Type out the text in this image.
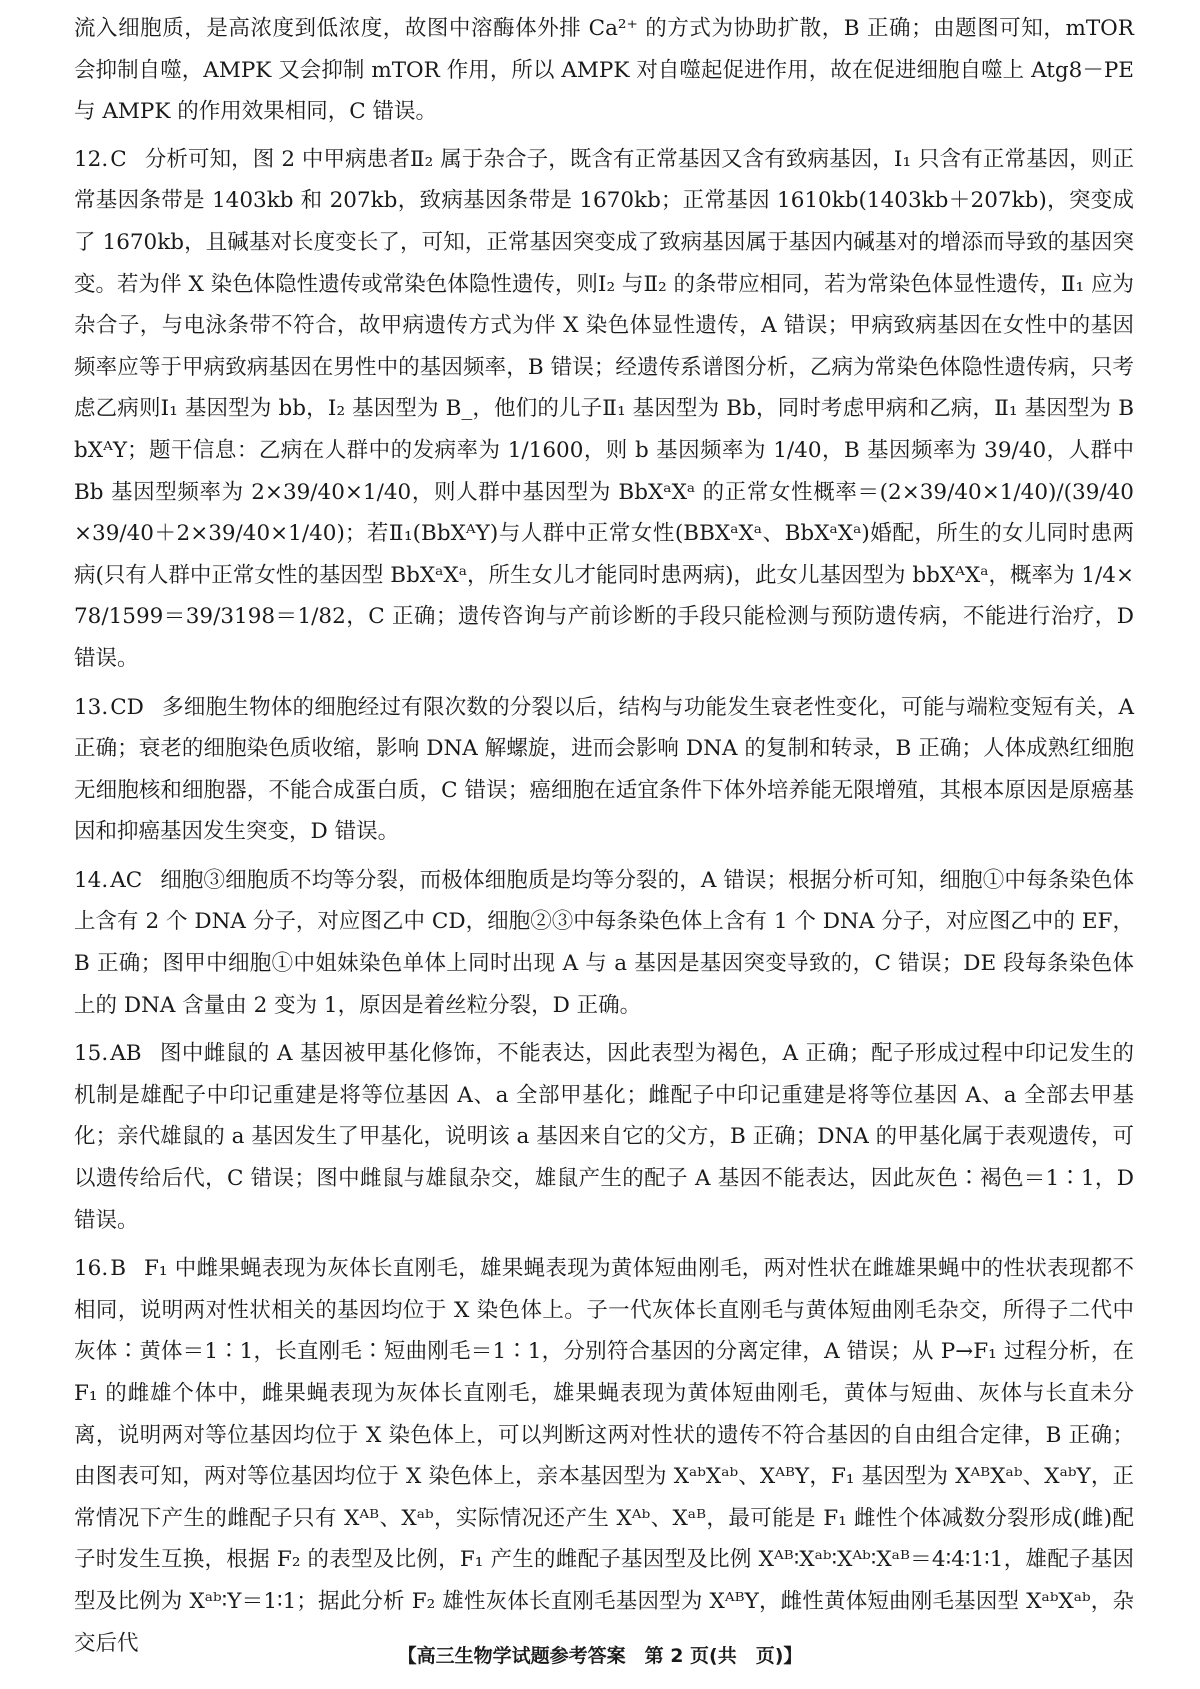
流入细胞质，是高浓度到低浓度，故图中溶酶体外排 Ca²⁺ 的方式为协助扩散，B 正确；由题图可知，mTOR 会抑制自噬，AMPK 又会抑制 mTOR 作用，所以 AMPK 对自噬起促进作用，故在促进细胞自噬上 Atg8－PE 与 AMPK 的作用效果相同，C 错误。

12.C 分析可知，图 2 中甲病患者Ⅱ₂ 属于杂合子，既含有正常基因又含有致病基因，Ⅰ₁ 只含有正常基因，则正常基因条带是 1403kb 和 207kb，致病基因条带是 1670kb；正常基因 1610kb(1403kb＋207kb)，突变成了 1670kb，且碱基对长度变长了，可知，正常基因突变成了致病基因属于基因内碱基对的增添而导致的基因突变。若为伴 X 染色体隐性遗传或常染色体隐性遗传，则Ⅰ₂ 与Ⅱ₂ 的条带应相同，若为常染色体显性遗传，Ⅱ₁ 应为杂合子，与电泳条带不符合，故甲病遗传方式为伴 X 染色体显性遗传，A 错误；甲病致病基因在女性中的基因频率应等于甲病致病基因在男性中的基因频率，B 错误；经遗传系谱图分析，乙病为常染色体隐性遗传病，只考虑乙病则Ⅰ₁ 基因型为 bb，Ⅰ₂ 基因型为 B_，他们的儿子Ⅱ₁ 基因型为 Bb，同时考虑甲病和乙病，Ⅱ₁ 基因型为 BbXᴬY；题干信息：乙病在人群中的发病率为 1/1600，则 b 基因频率为 1/40，B 基因频率为 39/40，人群中 Bb 基因型频率为 2×39/40×1/40，则人群中基因型为 BbXᵃXᵃ 的正常女性概率＝(2×39/40×1/40)/(39/40×39/40＋2×39/40×1/40)；若Ⅱ₁(BbXᴬY)与人群中正常女性(BBXᵃXᵃ、BbXᵃXᵃ)婚配，所生的女儿同时患两病(只有人群中正常女性的基因型 BbXᵃXᵃ，所生女儿才能同时患两病)，此女儿基因型为 bbXᴬXᵃ，概率为 1/4×78/1599＝39/3198＝1/82，C 正确；遗传咨询与产前诊断的手段只能检测与预防遗传病，不能进行治疗，D 错误。

13.CD 多细胞生物体的细胞经过有限次数的分裂以后，结构与功能发生衰老性变化，可能与端粒变短有关，A 正确；衰老的细胞染色质收缩，影响 DNA 解螺旋，进而会影响 DNA 的复制和转录，B 正确；人体成熟红细胞无细胞核和细胞器，不能合成蛋白质，C 错误；癌细胞在适宜条件下体外培养能无限增殖，其根本原因是原癌基因和抑癌基因发生突变，D 错误。

14.AC 细胞③细胞质不均等分裂，而极体细胞质是均等分裂的，A 错误；根据分析可知，细胞①中每条染色体上含有 2 个 DNA 分子，对应图乙中 CD，细胞②③中每条染色体上含有 1 个 DNA 分子，对应图乙中的 EF，B 正确；图甲中细胞①中姐妹染色单体上同时出现 A 与 a 基因是基因突变导致的，C 错误；DE 段每条染色体上的 DNA 含量由 2 变为 1，原因是着丝粒分裂，D 正确。

15.AB 图中雌鼠的 A 基因被甲基化修饰，不能表达，因此表型为褐色，A 正确；配子形成过程中印记发生的机制是雄配子中印记重建是将等位基因 A、a 全部甲基化；雌配子中印记重建是将等位基因 A、a 全部去甲基化；亲代雄鼠的 a 基因发生了甲基化，说明该 a 基因来自它的父方，B 正确；DNA 的甲基化属于表观遗传，可以遗传给后代，C 错误；图中雌鼠与雄鼠杂交，雄鼠产生的配子 A 基因不能表达，因此灰色∶褐色＝1∶1，D 错误。

16.B F₁ 中雌果蝇表现为灰体长直刚毛，雄果蝇表现为黄体短曲刚毛，两对性状在雌雄果蝇中的性状表现都不相同，说明两对性状相关的基因均位于 X 染色体上。子一代灰体长直刚毛与黄体短曲刚毛杂交，所得子二代中灰体∶黄体＝1∶1，长直刚毛∶短曲刚毛＝1∶1，分别符合基因的分离定律，A 错误；从 P→F₁ 过程分析，在 F₁ 的雌雄个体中，雌果蝇表现为灰体长直刚毛，雄果蝇表现为黄体短曲刚毛，黄体与短曲、灰体与长直未分离，说明两对等位基因均位于 X 染色体上，可以判断这两对性状的遗传不符合基因的自由组合定律，B 正确；由图表可知，两对等位基因均位于 X 染色体上，亲本基因型为 XᵃᵇXᵃᵇ、XᴬᴮY，F₁ 基因型为 XᴬᴮXᵃᵇ、XᵃᵇY，正常情况下产生的雌配子只有 Xᴬᴮ、Xᵃᵇ，实际情况还产生 Xᴬᵇ、Xᵃᴮ，最可能是 F₁ 雌性个体减数分裂形成(雌)配子时发生互换，根据 F₂ 的表型及比例，F₁ 产生的雌配子基因型及比例 Xᴬᴮ∶Xᵃᵇ∶Xᴬᵇ∶Xᵃᴮ＝4∶4∶1∶1，雄配子基因型及比例为 Xᵃᵇ∶Y＝1∶1；据此分析 F₂ 雄性灰体长直刚毛基因型为 XᴬᴮY，雌性黄体短曲刚毛基因型 XᵃᵇXᵃᵇ，杂交后代

【高三生物学试题参考答案　第 2 页(共　页)】
